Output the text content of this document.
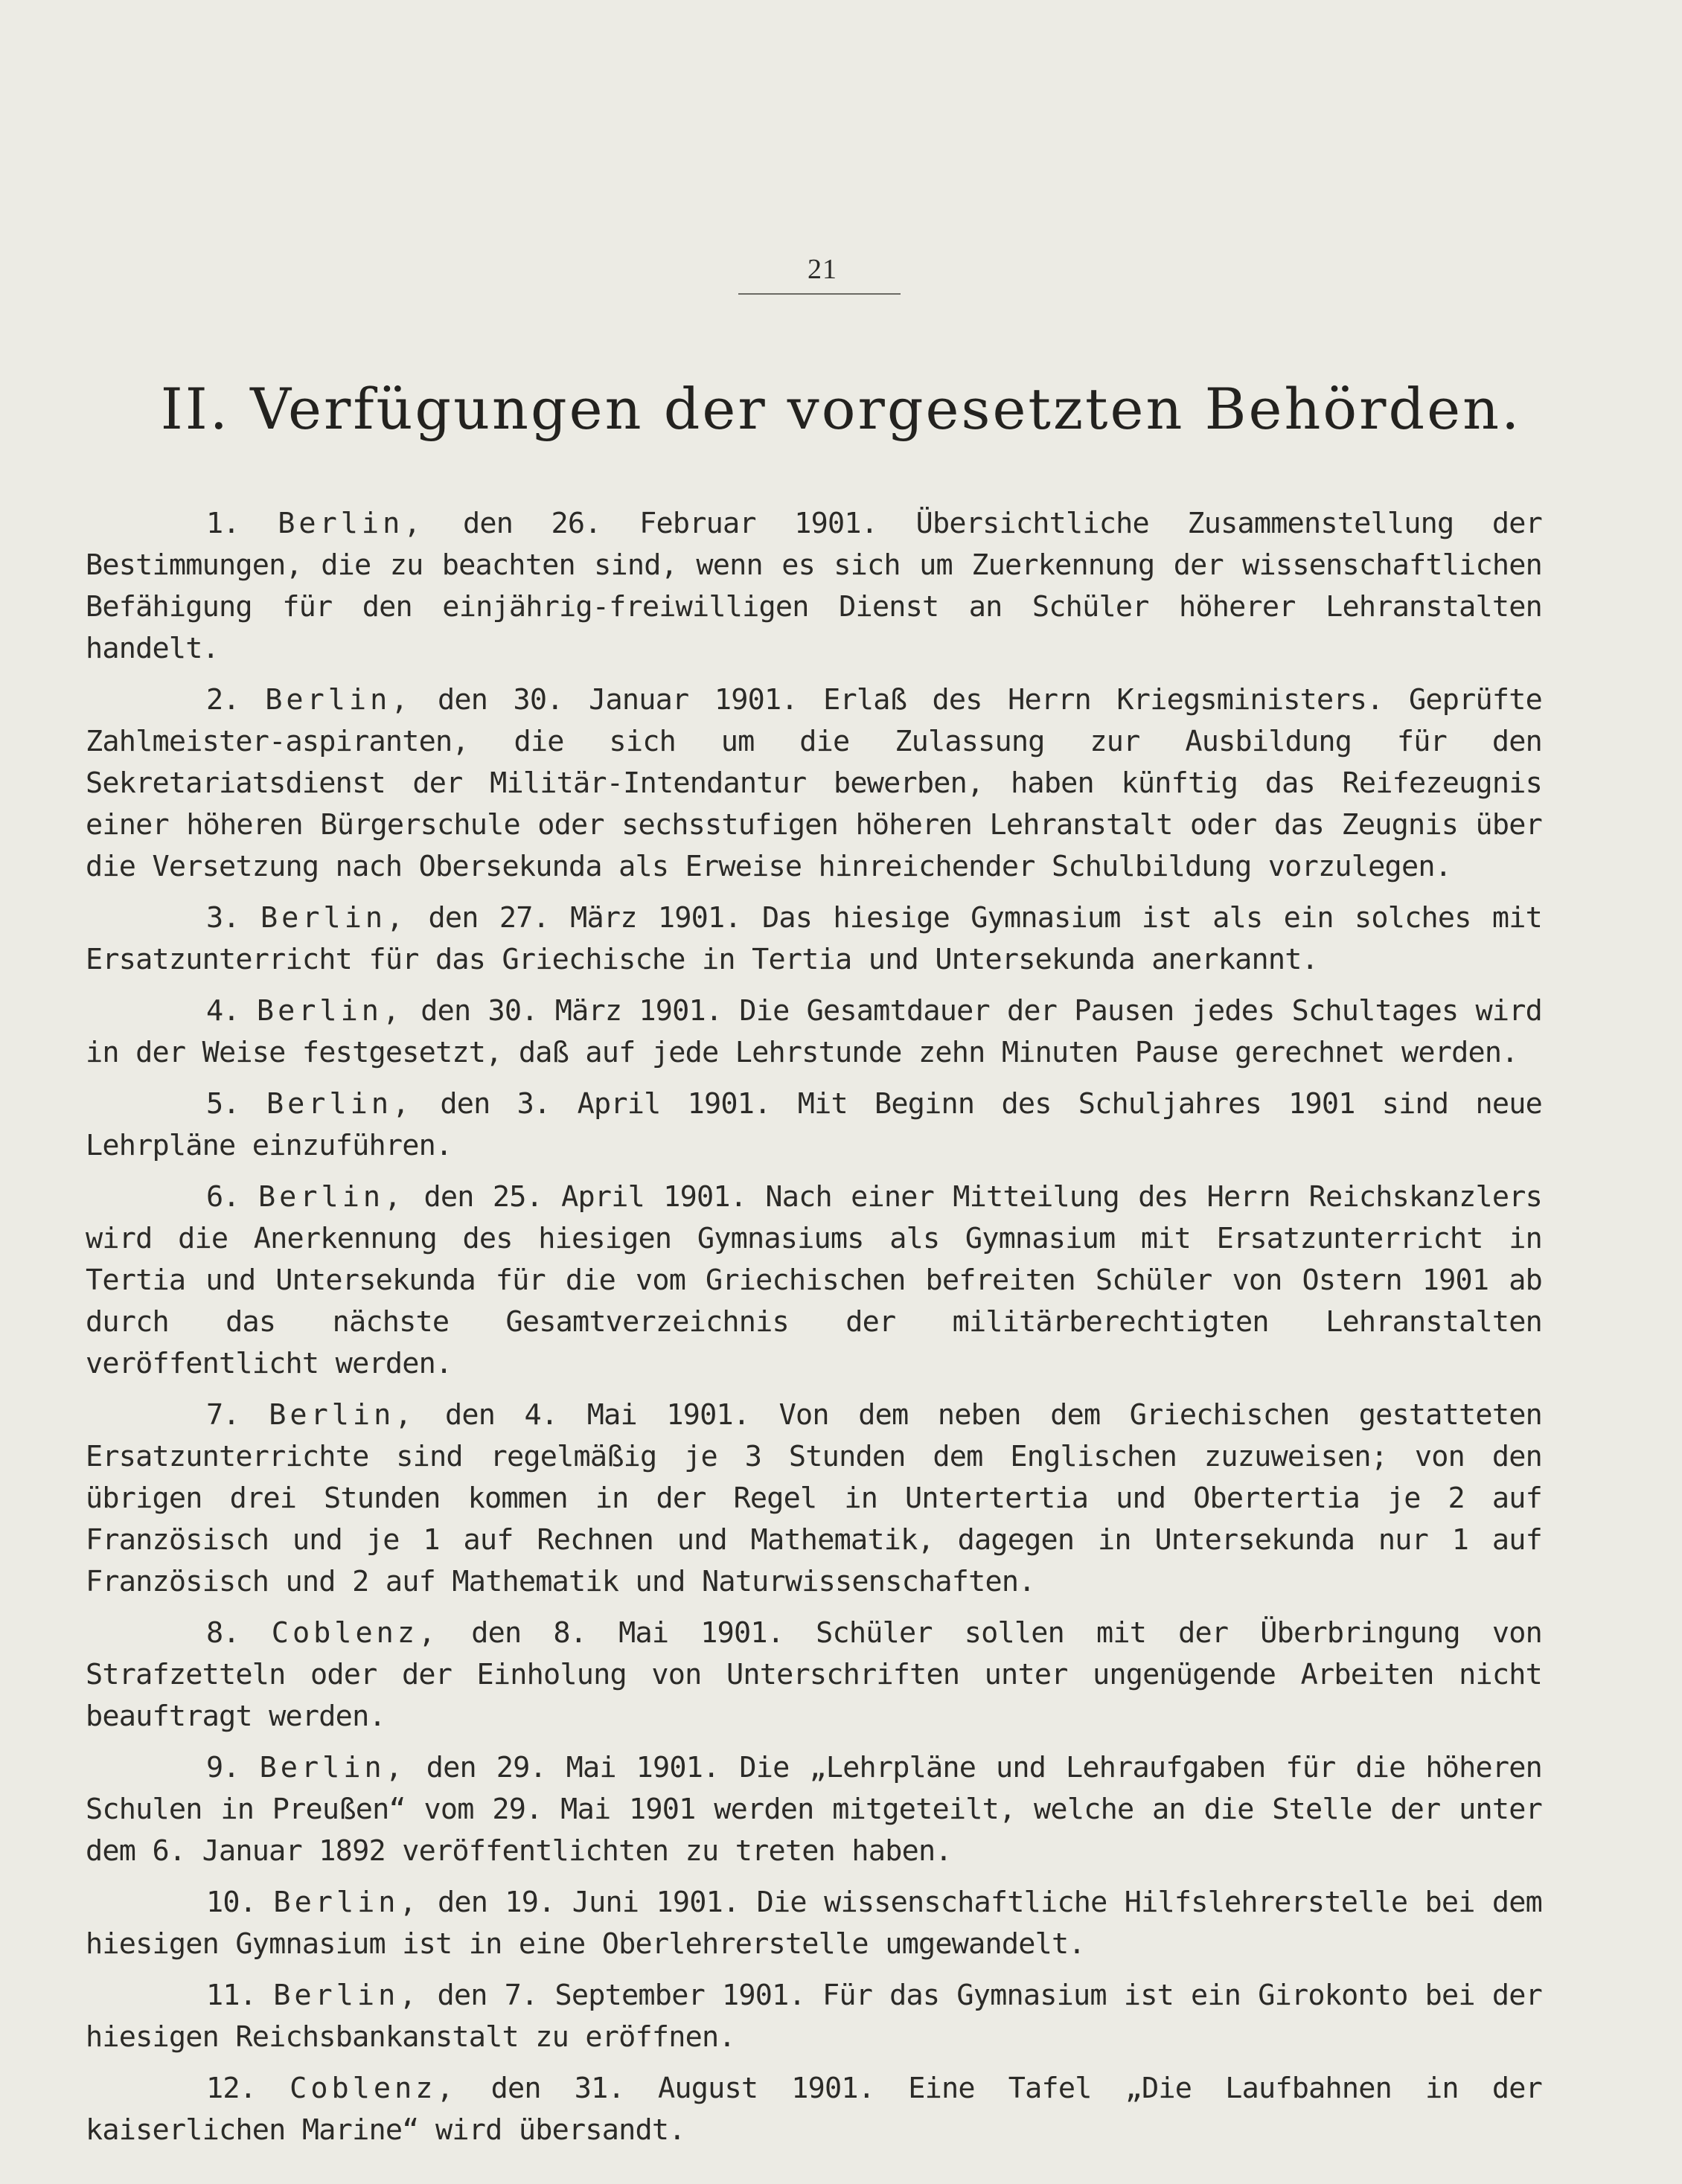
21
II. Verfügungen der vorgesetzten Behörden.

1. Berlin, den 26. Februar 1901. Übersichtliche Zusammenstellung der Bestimmungen, die zu beachten sind, wenn es sich um Zuerkennung der wissenschaftlichen Befähigung für den einjährig-freiwilligen Dienst an Schüler höherer Lehranstalten handelt.

2. Berlin, den 30. Januar 1901. Erlaß des Herrn Kriegsministers. Geprüfte Zahlmeister-aspiranten, die sich um die Zulassung zur Ausbildung für den Sekretariatsdienst der Militär-Intendantur bewerben, haben künftig das Reifezeugnis einer höheren Bürgerschule oder sechsstufigen höheren Lehranstalt oder das Zeugnis über die Versetzung nach Obersekunda als Erweise hinreichender Schulbildung vorzulegen.

3. Berlin, den 27. März 1901. Das hiesige Gymnasium ist als ein solches mit Ersatzunterricht für das Griechische in Tertia und Untersekunda anerkannt.

4. Berlin, den 30. März 1901. Die Gesamtdauer der Pausen jedes Schultages wird in der Weise festgesetzt, daß auf jede Lehrstunde zehn Minuten Pause gerechnet werden.

5. Berlin, den 3. April 1901. Mit Beginn des Schuljahres 1901 sind neue Lehrpläne einzuführen.

6. Berlin, den 25. April 1901. Nach einer Mitteilung des Herrn Reichskanzlers wird die Anerkennung des hiesigen Gymnasiums als Gymnasium mit Ersatzunterricht in Tertia und Untersekunda für die vom Griechischen befreiten Schüler von Ostern 1901 ab durch das nächste Gesamtverzeichnis der militärberechtigten Lehranstalten veröffentlicht werden.

7. Berlin, den 4. Mai 1901. Von dem neben dem Griechischen gestatteten Ersatzunterrichte sind regelmäßig je 3 Stunden dem Englischen zuzuweisen; von den übrigen drei Stunden kommen in der Regel in Untertertia und Obertertia je 2 auf Französisch und je 1 auf Rechnen und Mathematik, dagegen in Untersekunda nur 1 auf Französisch und 2 auf Mathematik und Naturwissenschaften.

8. Coblenz, den 8. Mai 1901. Schüler sollen mit der Überbringung von Strafzetteln oder der Einholung von Unterschriften unter ungenügende Arbeiten nicht beauftragt werden.

9. Berlin, den 29. Mai 1901. Die „Lehrpläne und Lehraufgaben für die höheren Schulen in Preußen“ vom 29. Mai 1901 werden mitgeteilt, welche an die Stelle der unter dem 6. Januar 1892 veröffentlichten zu treten haben.

10. Berlin, den 19. Juni 1901. Die wissenschaftliche Hilfslehrerstelle bei dem hiesigen Gymnasium ist in eine Oberlehrerstelle umgewandelt.

11. Berlin, den 7. September 1901. Für das Gymnasium ist ein Girokonto bei der hiesigen Reichsbankanstalt zu eröffnen.

12. Coblenz, den 31. August 1901. Eine Tafel „Die Laufbahnen in der kaiserlichen Marine“ wird übersandt.
